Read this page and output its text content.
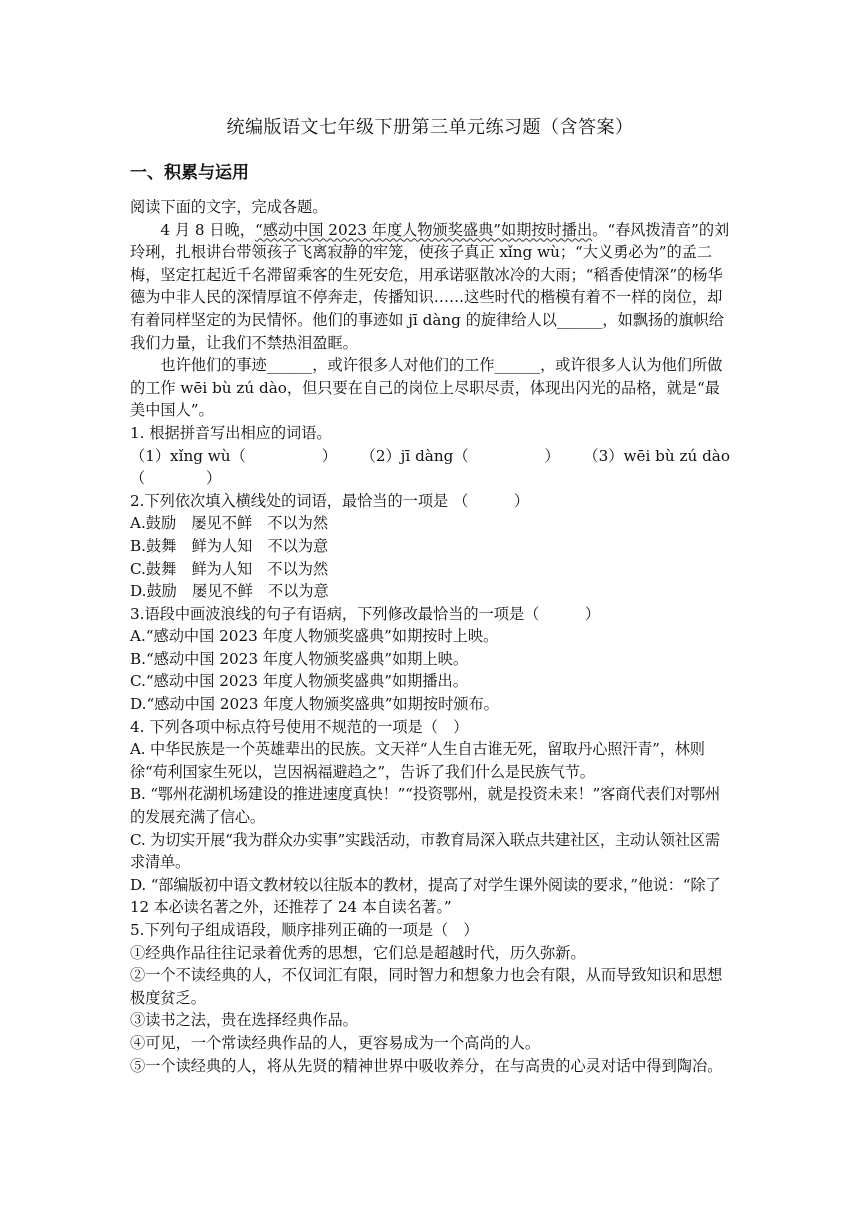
统编版语文七年级下册第三单元练习题（含答案）
一、积累与运用

阅读下面的文字，完成各题。

4 月 8 日晚，“感动中国 2023 年度人物颁奖盛典”如期按时播出。“春风拨清音”的刘玲琍，扎根讲台带领孩子飞离寂静的牢笼，使孩子真正 xǐng wù；“大义勇必为”的孟二梅，坚定扛起近千名滞留乘客的生死安危，用承诺驱散冰冷的大雨；“稻香使情深”的杨华德为中非人民的深情厚谊不停奔走，传播知识……这些时代的楷模有着不一样的岗位，却有着同样坚定的为民情怀。他们的事迹如 jī dàng 的旋律给人以______，如飘扬的旗帜给我们力量，让我们不禁热泪盈眶。

也许他们的事迹______，或许很多人对他们的工作______，或许很多人认为他们所做的工作 wēi bù zú dào，但只要在自己的岗位上尽职尽责，体现出闪光的品格，就是“最美中国人”。

1. 根据拼音写出相应的词语。

（1）xǐng wù（　　　　　） （2）jī dàng（　　　　　） （3）wēi bù zú dào

（　　　　）

2.下列依次填入横线处的词语，最恰当的一项是 （　　　）

A.鼓励　屡见不鲜　不以为然

B.鼓舞　鲜为人知　不以为意

C.鼓舞　鲜为人知　不以为然

D.鼓励　屡见不鲜　不以为意

3.语段中画波浪线的句子有语病，下列修改最恰当的一项是（　　　）

A.“感动中国 2023 年度人物颁奖盛典”如期按时上映。

B.“感动中国 2023 年度人物颁奖盛典”如期上映。

C.“感动中国 2023 年度人物颁奖盛典”如期播出。

D.“感动中国 2023 年度人物颁奖盛典”如期按时颁布。

4. 下列各项中标点符号使用不规范的一项是（　）

A. 中华民族是一个英雄辈出的民族。文天祥“人生自古谁无死，留取丹心照汗青”，林则徐“苟利国家生死以，岂因祸福避趋之”，告诉了我们什么是民族气节。

B. “鄂州花湖机场建设的推进速度真快！”“投资鄂州，就是投资未来！”客商代表们对鄂州的发展充满了信心。

C. 为切实开展“我为群众办实事”实践活动，市教育局深入联点共建社区，主动认领社区需求清单。

D. “部编版初中语文教材较以往版本的教材，提高了对学生课外阅读的要求，”他说：“除了 12 本必读名著之外，还推荐了 24 本自读名著。”

5.下列句子组成语段，顺序排列正确的一项是（　）

①经典作品往往记录着优秀的思想，它们总是超越时代，历久弥新。

②一个不读经典的人，不仅词汇有限，同时智力和想象力也会有限，从而导致知识和思想极度贫乏。

③读书之法，贵在选择经典作品。

④可见，一个常读经典作品的人，更容易成为一个高尚的人。

⑤一个读经典的人，将从先贤的精神世界中吸收养分，在与高贵的心灵对话中得到陶冶。
